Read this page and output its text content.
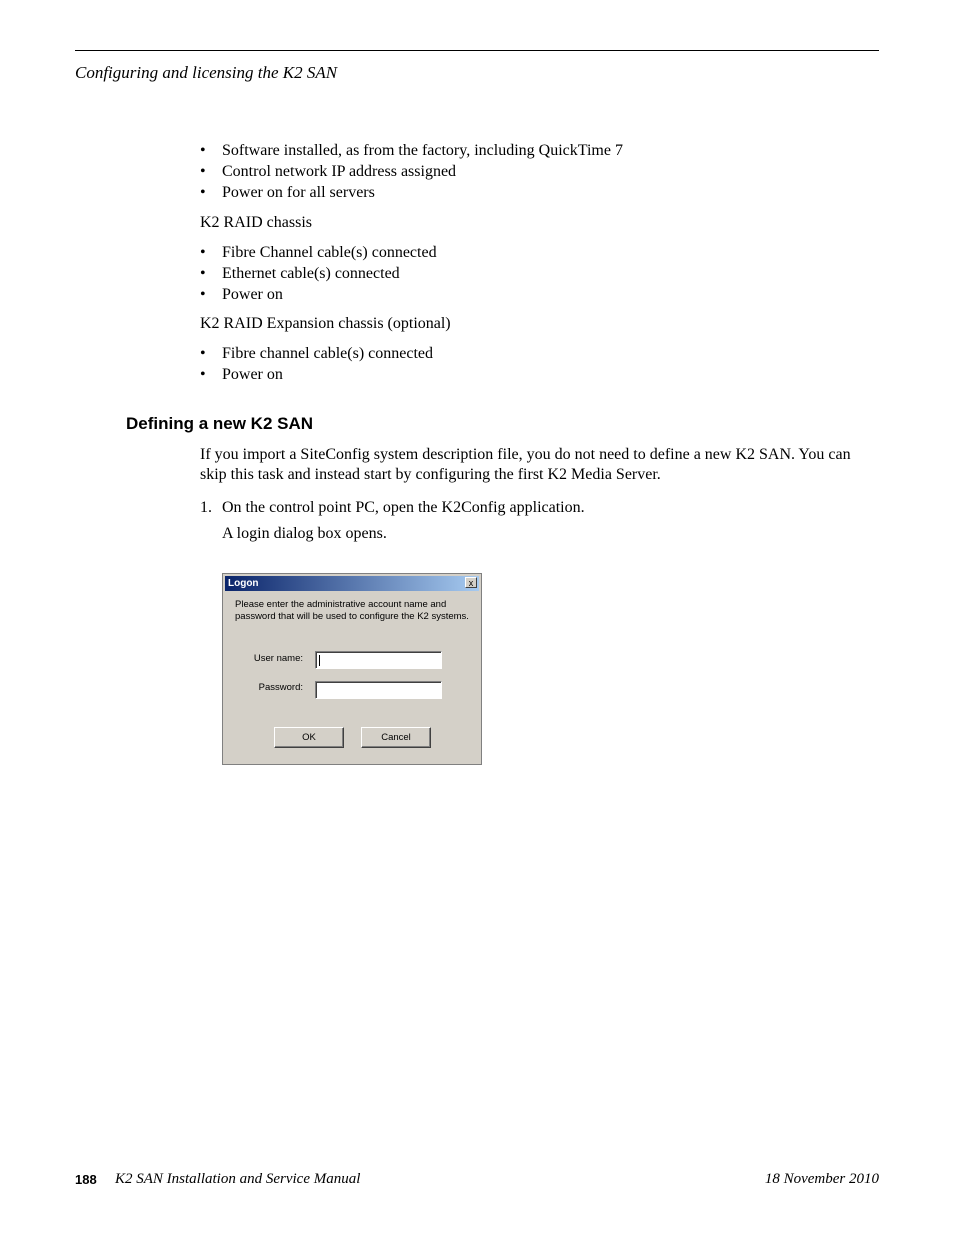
Configuring and licensing the K2 SAN
• Software installed, as from the factory, including QuickTime 7
• Control network IP address assigned
• Power on for all servers
K2 RAID chassis
• Fibre Channel cable(s) connected
• Ethernet cable(s) connected
• Power on
K2 RAID Expansion chassis (optional)
• Fibre channel cable(s) connected
• Power on
Defining a new K2 SAN
If you import a SiteConfig system description file, you do not need to define a new K2 SAN. You can skip this task and instead start by configuring the first K2 Media Server.
1. On the control point PC, open the K2Config application.
A login dialog box opens.
Logon	x
Please enter the administrative account name and password that will be used to configure the K2 systems.
User name:
Password:
OK	Cancel
188 K2 SAN Installation and Service Manual	18 November 2010
